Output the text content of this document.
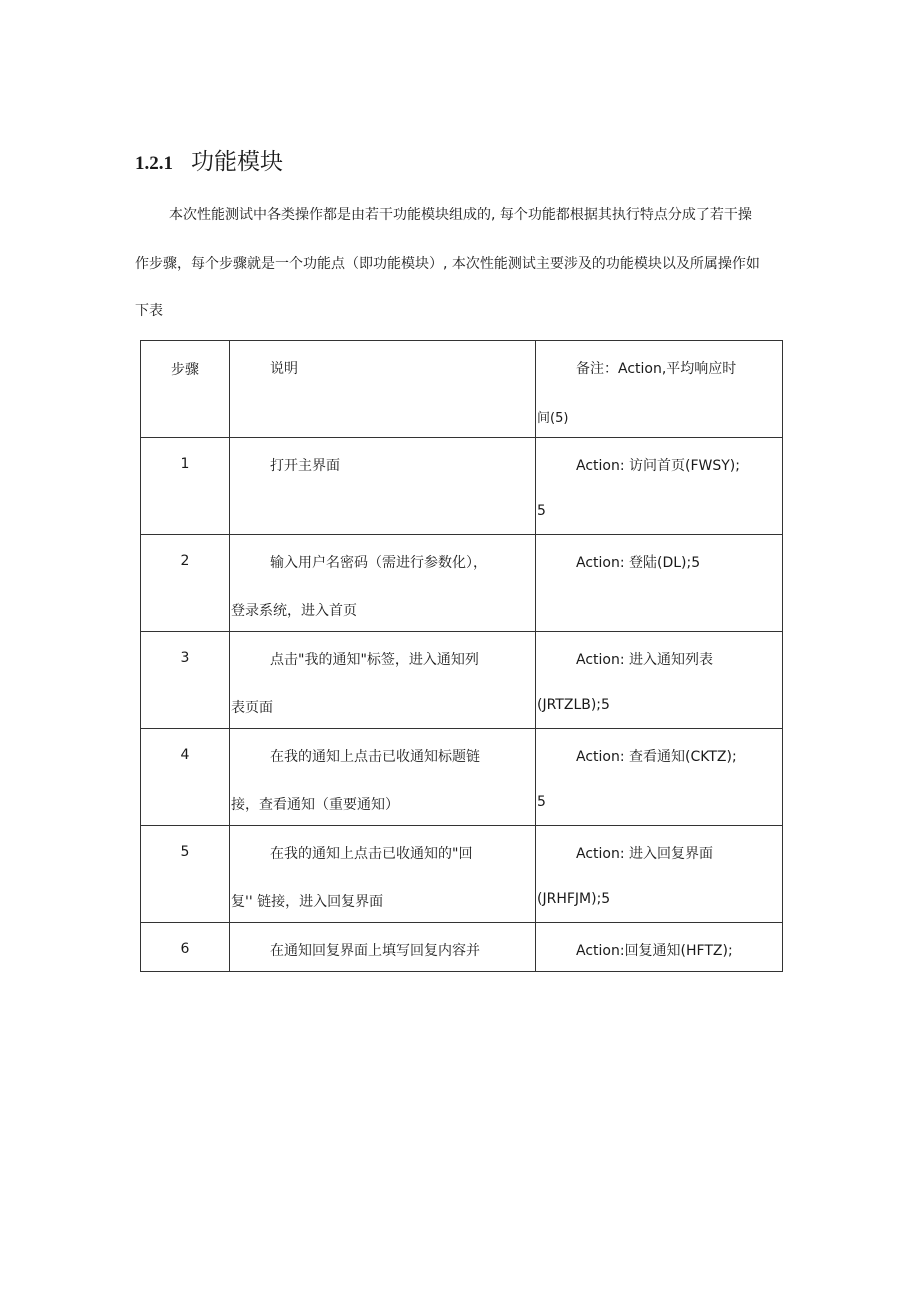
1.2.1 功能模块
本次性能测试中各类操作都是由若干功能模块组成的, 每个功能都根据其执行特点分成了若干操
作步骤，每个步骤就是一个功能点（即功能模块）, 本次性能测试主要涉及的功能模块以及所属操作如
下表
步骤	说明	备注：Action,平均响应时
间(5)

1	打开主界面	Action: 访问首页(FWSY);
5

2	输入用户名密码（需进行参数化），
登录系统，进入首页	Action: 登陆(DL);5

3	点击"我的通知"标签，进入通知列
表页面	Action: 进入通知列表
(JRTZLB);5

4	在我的通知上点击已收通知标题链
接，查看通知（重要通知）	Action: 查看通知(CKTZ);
5

5	在我的通知上点击已收通知的"回
复'' 链接，进入回复界面	Action: 进入回复界面
(JRHFJM);5

6	在通知回复界面上填写回复内容并	Action:回复通知(HFTZ);
